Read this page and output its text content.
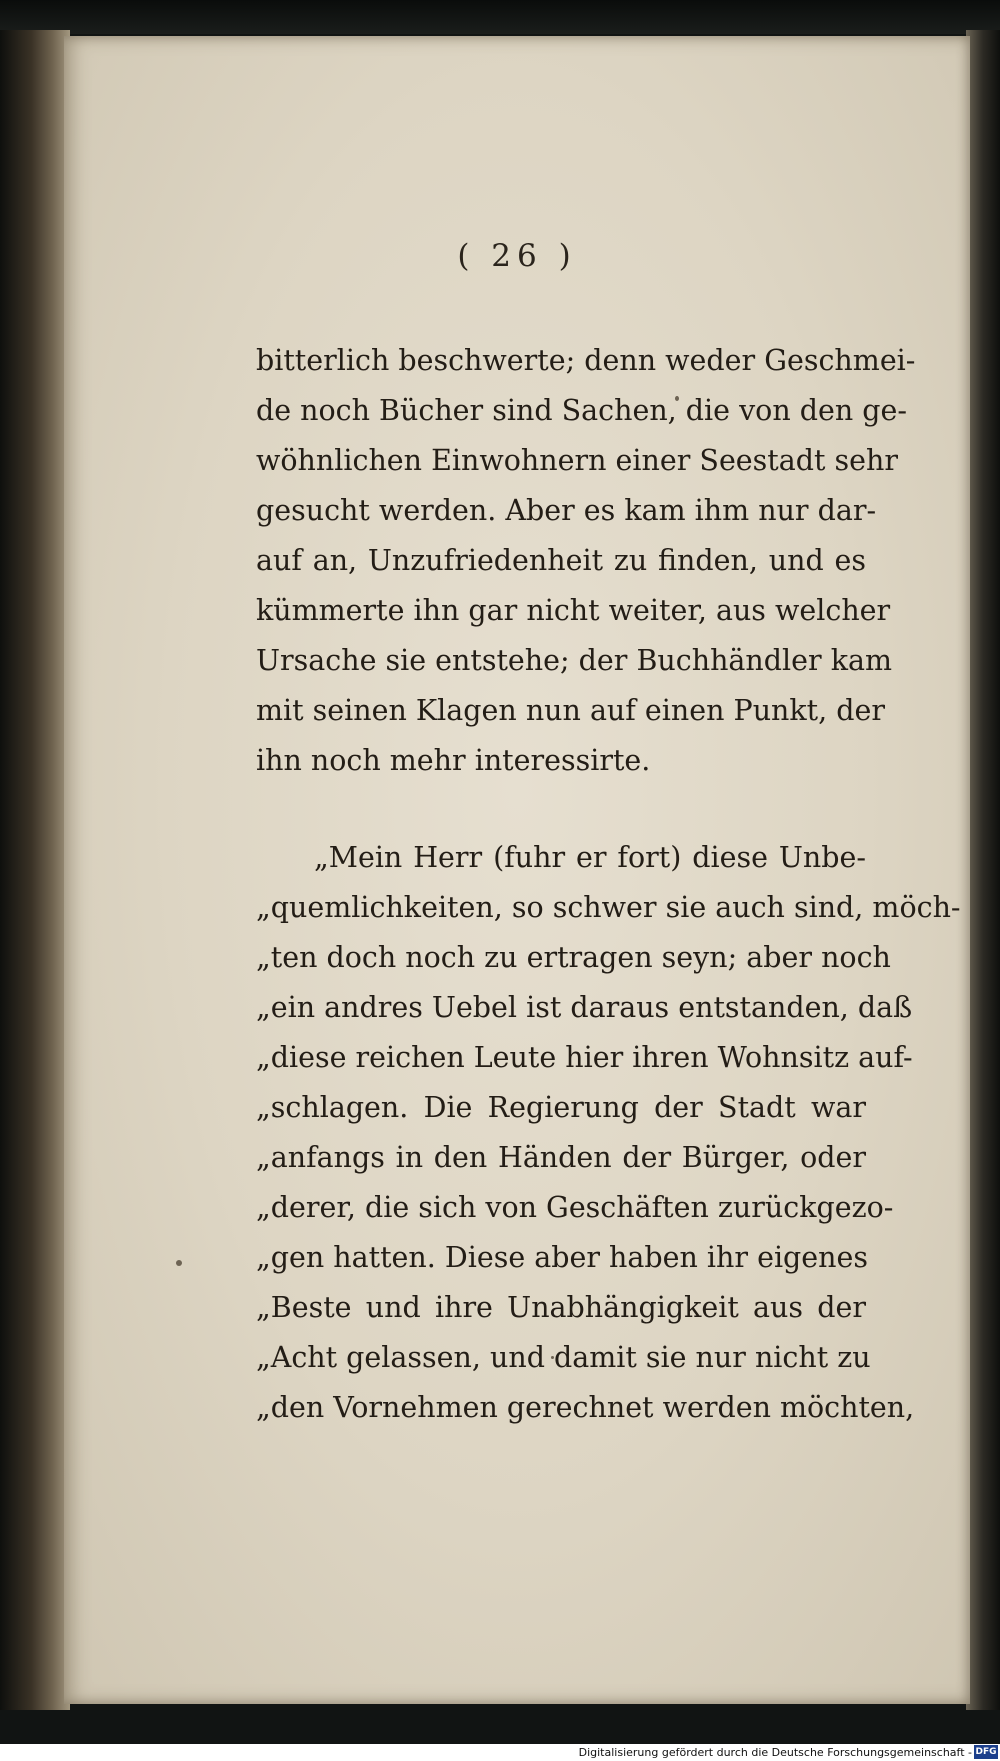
( 26 )
bitterlich beschwerte; denn weder Geschmei-
de noch Bücher sind Sachen, die von den ge-
wöhnlichen Einwohnern einer Seestadt sehr
gesucht werden. Aber es kam ihm nur dar-
auf an, Unzufriedenheit zu finden, und es
kümmerte ihn gar nicht weiter, aus welcher
Ursache sie entstehe; der Buchhändler kam
mit seinen Klagen nun auf einen Punkt, der
ihn noch mehr interessirte.
„Mein Herr (fuhr er fort) diese Unbe-
„quemlichkeiten, so schwer sie auch sind, möch-
„ten doch noch zu ertragen seyn; aber noch
„ein andres Uebel ist daraus entstanden, daß
„diese reichen Leute hier ihren Wohnsitz auf-
„schlagen. Die Regierung der Stadt war
„anfangs in den Händen der Bürger, oder
„derer, die sich von Geschäften zurückgezo-
„gen hatten. Diese aber haben ihr eigenes
„Beste und ihre Unabhängigkeit aus der
„Acht gelassen, und damit sie nur nicht zu
„den Vornehmen gerechnet werden möchten,
Digitalisierung gefördert durch die Deutsche Forschungsgemeinschaft - DFG
